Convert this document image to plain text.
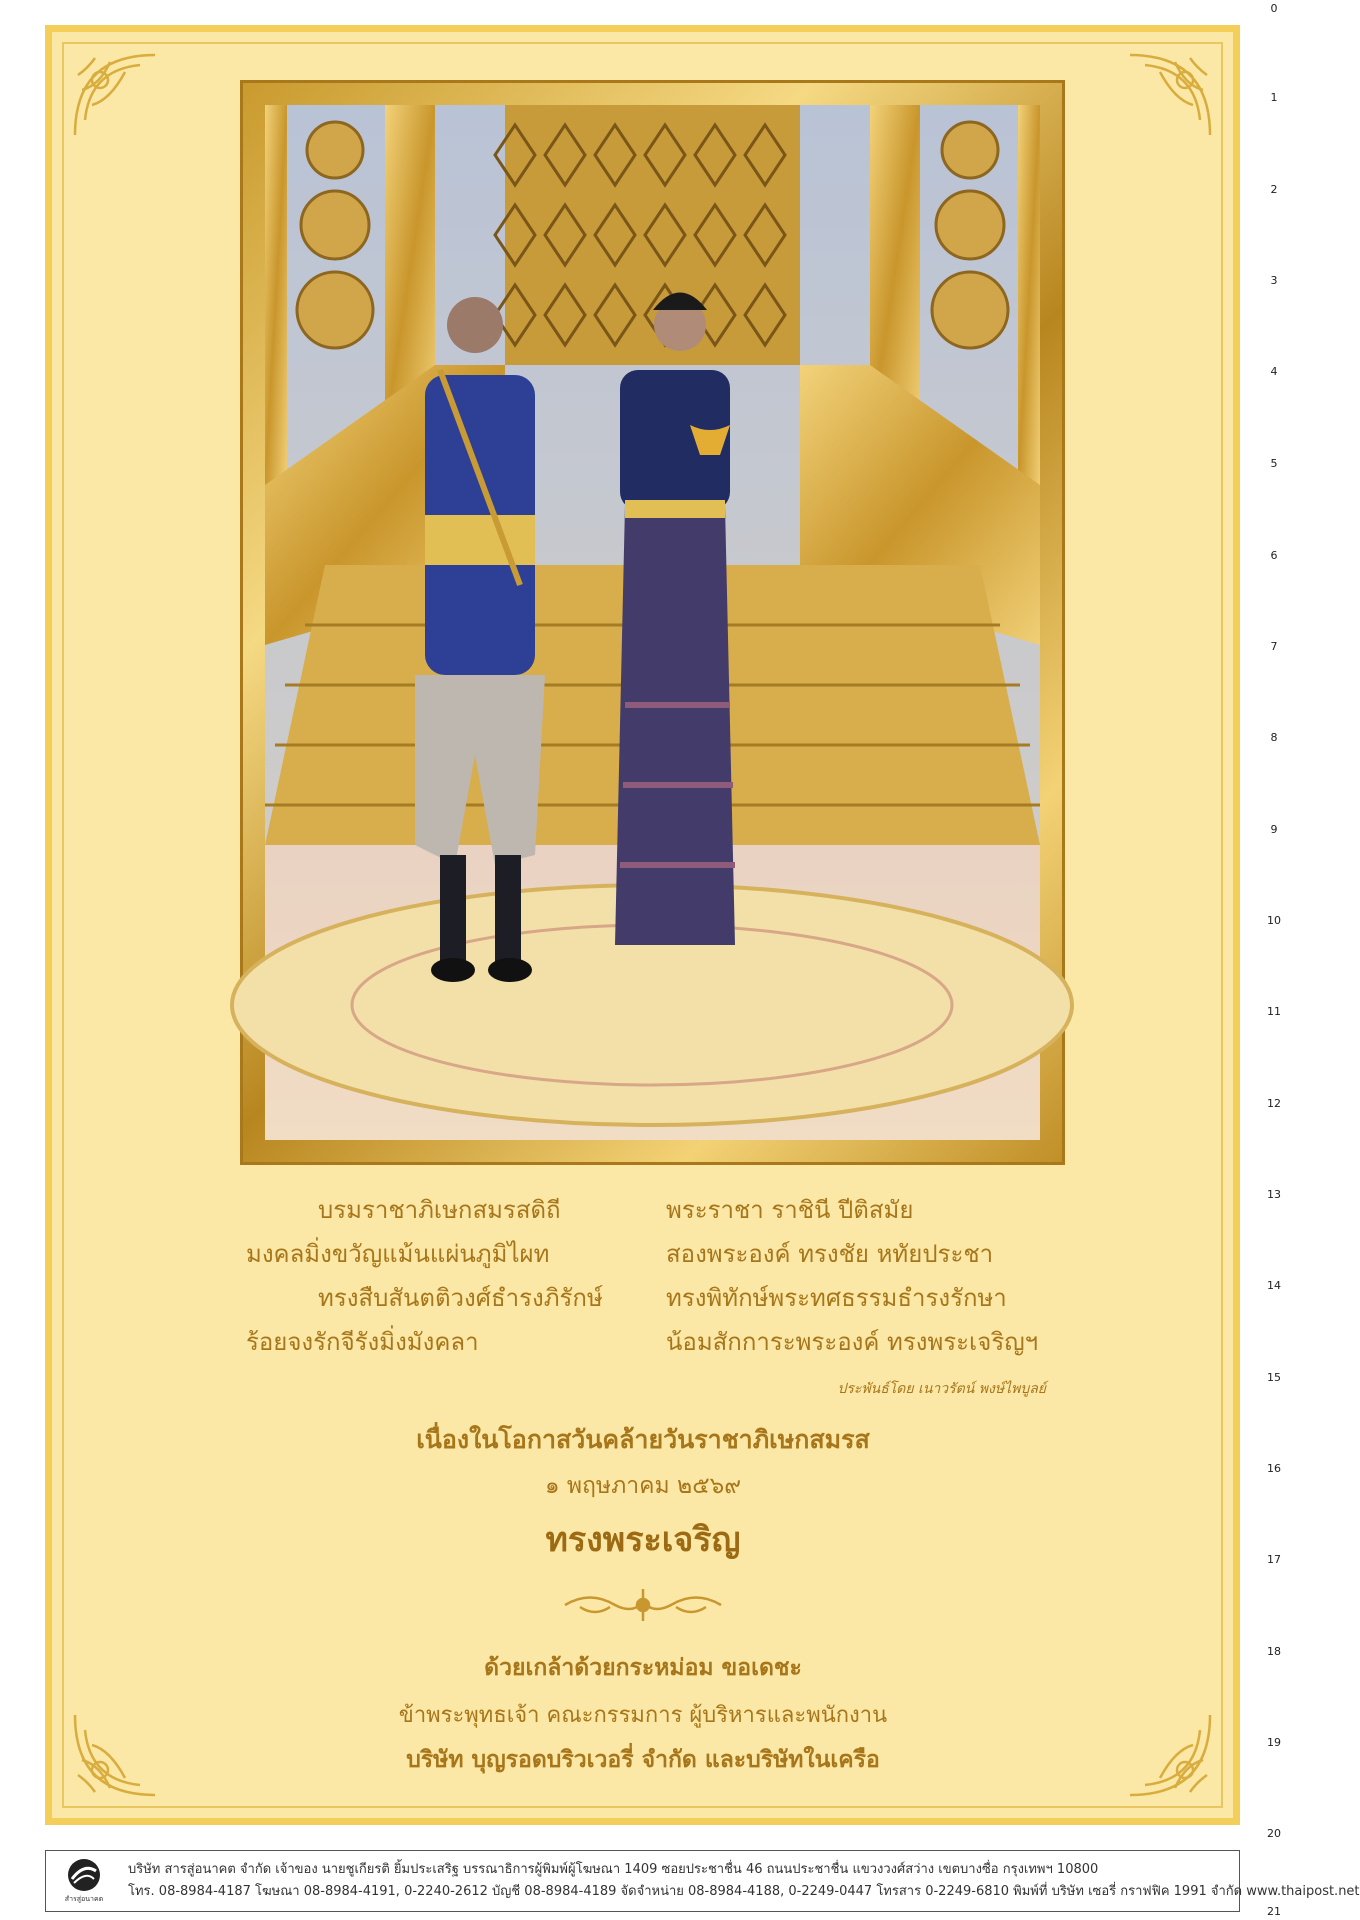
บรมราชาภิเษกสมรสดิถี
มงคลมิ่งขวัญแม้นแผ่นภูมิไผท
ทรงสืบสันตติวงศ์ธำรงภิรักษ์
ร้อยจงรักจีรังมิ่งมังคลา
พระราชา ราชินี ปีติสมัย
สองพระองค์ ทรงชัย หทัยประชา
ทรงพิทักษ์พระทศธรรมธำรงรักษา
น้อมสักการะพระองค์ ทรงพระเจริญฯ
ประพันธ์โดย เนาวรัตน์ พงษ์ไพบูลย์
เนื่องในโอกาสวันคล้ายวันราชาภิเษกสมรส
๑ พฤษภาคม ๒๕๖๙
ทรงพระเจริญ
ด้วยเกล้าด้วยกระหม่อม ขอเดชะ
ข้าพระพุทธเจ้า คณะกรรมการ ผู้บริหารและพนักงาน
บริษัท บุญรอดบริวเวอรี่ จำกัด และบริษัทในเครือ
สำรสู่อนาคต
บริษัท สารสู่อนาคต จำกัด เจ้าของ นายชูเกียรติ ยิ้มประเสริฐ บรรณาธิการผู้พิมพ์ผู้โฆษณา 1409 ซอยประชาชื่น 46 ถนนประชาชื่น แขวงวงศ์สว่าง เขตบางซื่อ กรุงเทพฯ 10800
โทร. 08-8984-4187 โฆษณา 08-8984-4191, 0-2240-2612 บัญชี 08-8984-4189 จัดจำหน่าย 08-8984-4188, 0-2249-0447 โทรสาร 0-2249-6810 พิมพ์ที่ บริษัท เซอรี่ กราฟฟิค 1991 จำกัด www.thaipost.net
0
1
2
3
4
5
6
7
8
9
10
11
12
13
14
15
16
17
18
19
20
21
